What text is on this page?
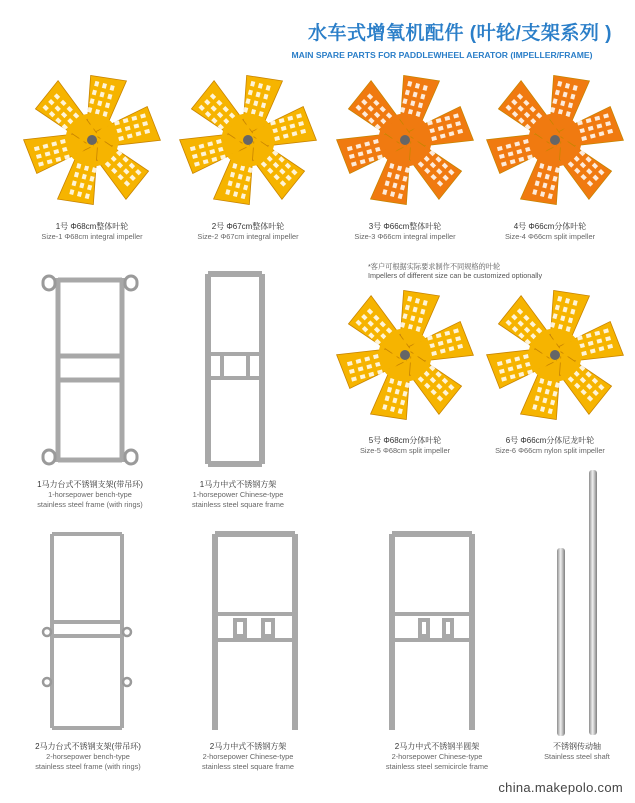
水车式增氧机配件 (叶轮/支架系列 )
MAIN SPARE PARTS FOR PADDLEWHEEL AERATOR (IMPELLER/FRAME)
1号 Φ68cm整体叶轮
Size-1 Φ68cm integral impeller
2号 Φ67cm整体叶轮
Size-2 Φ67cm integral impeller
3号 Φ66cm整体叶轮
Size-3 Φ66cm integral impeller
4号 Φ66cm分体叶轮
Size-4 Φ66cm split impeller
*客户可根据实际要求制作不同规格的叶轮
Impellers of different size can be customized optionally
5号 Φ68cm分体叶轮
Size-5 Φ68cm split impeller
6号 Φ66cm分体尼龙叶轮
Size-6 Φ66cm nylon split impeller
1马力台式不锈钢支架(带吊环)
1-horsepower bench-type
stainless steel frame (with rings)
1马力中式不锈钢方架
1-horsepower Chinese-type
stainless steel square frame
2马力台式不锈钢支架(带吊环)
2-horsepower bench-type
stainless steel frame (with rings)
2马力中式不锈钢方架
2-horsepower Chinese-type
stainless steel square frame
2马力中式不锈钢半圆架
2-horsepower Chinese-type
stainless steel semicircle frame
不锈钢传动轴
Stainless steel shaft
china.makepolo.com
